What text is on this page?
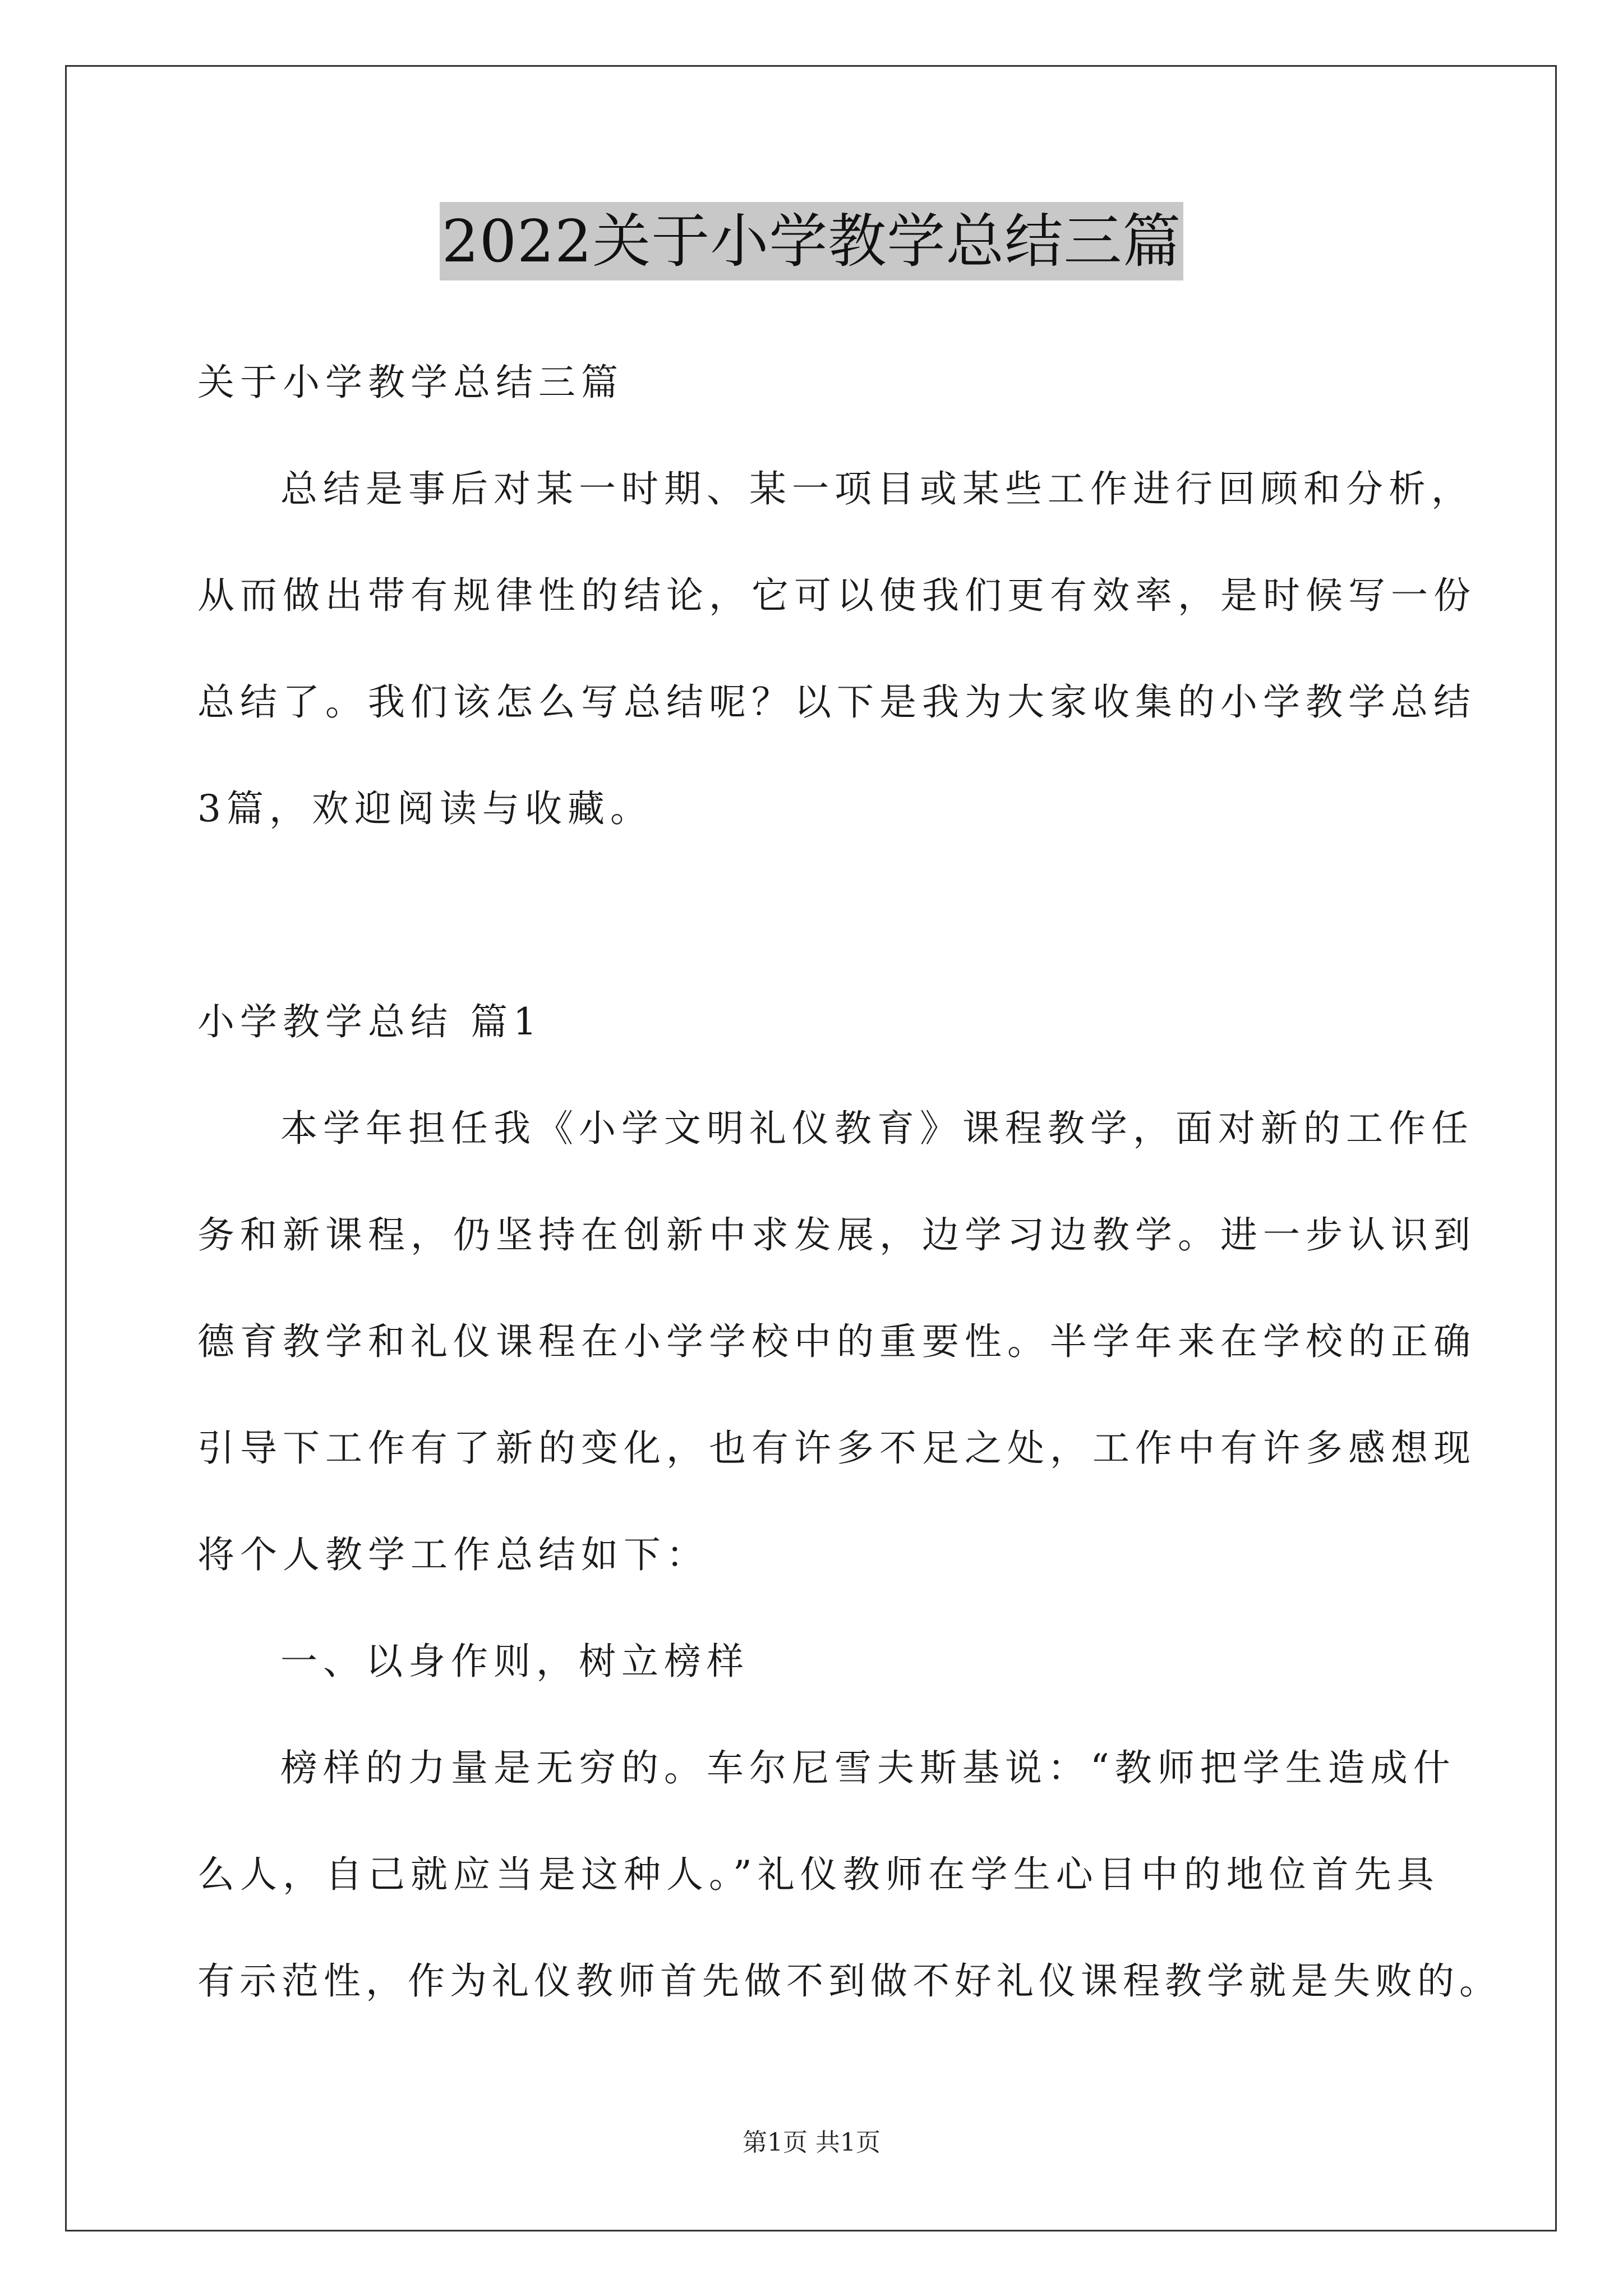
2022关于小学教学总结三篇
关于小学教学总结三篇
总结是事后对某一时期、某一项目或某些工作进行回顾和分析，
从而做出带有规律性的结论，它可以使我们更有效率，是时候写一份
总结了。我们该怎么写总结呢？以下是我为大家收集的小学教学总结
3篇，欢迎阅读与收藏。
小学教学总结 篇1
本学年担任我《小学文明礼仪教育》课程教学，面对新的工作任
务和新课程，仍坚持在创新中求发展，边学习边教学。进一步认识到
德育教学和礼仪课程在小学学校中的重要性。半学年来在学校的正确
引导下工作有了新的变化，也有许多不足之处，工作中有许多感想现
将个人教学工作总结如下：
一、以身作则，树立榜样
榜样的力量是无穷的。车尔尼雪夫斯基说：“教师把学生造成什
么人，自己就应当是这种人。”礼仪教师在学生心目中的地位首先具
有示范性，作为礼仪教师首先做不到做不好礼仪课程教学就是失败的。
第1页 共1页
